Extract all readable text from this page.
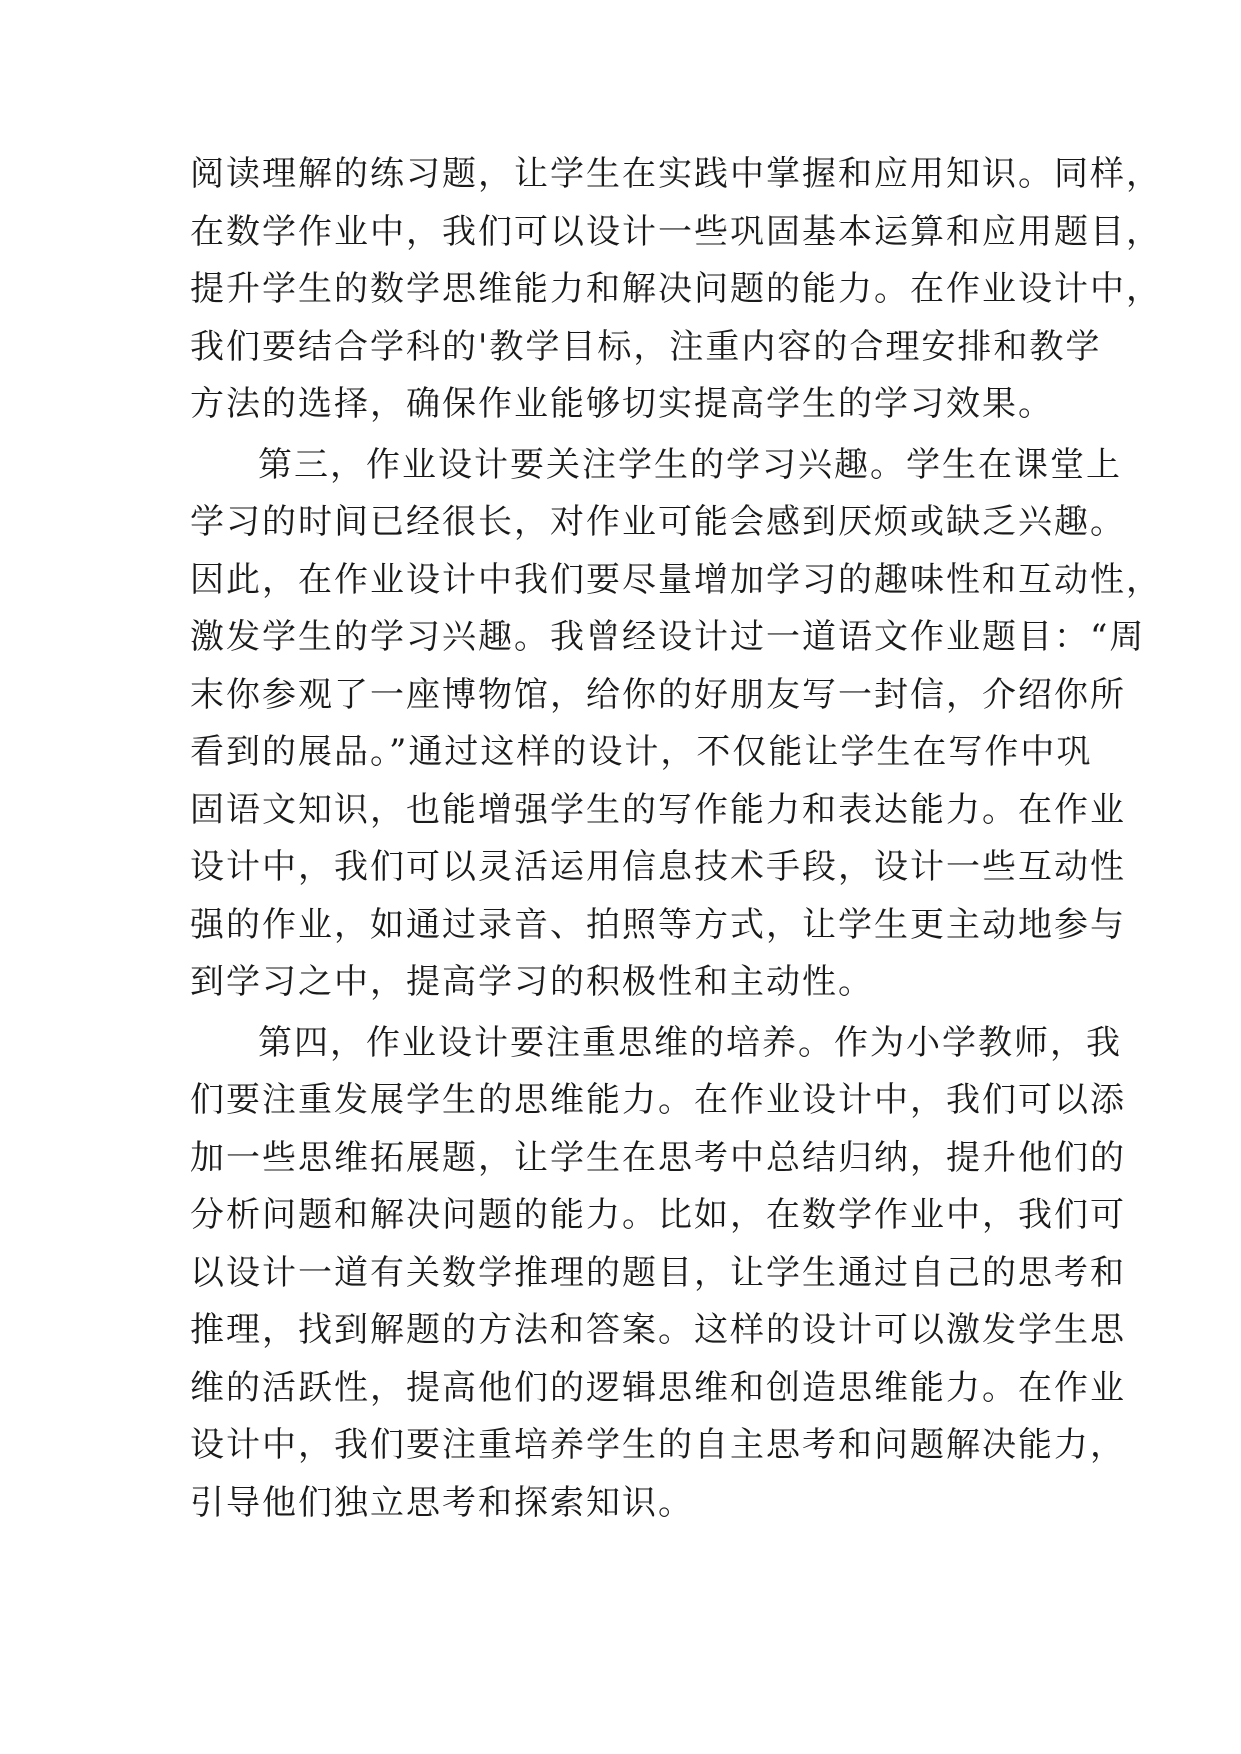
阅读理解的练习题，让学生在实践中掌握和应用知识。同样，
在数学作业中，我们可以设计一些巩固基本运算和应用题目，
提升学生的数学思维能力和解决问题的能力。在作业设计中，
我们要结合学科的'教学目标，注重内容的合理安排和教学
方法的选择，确保作业能够切实提高学生的学习效果。
第三，作业设计要关注学生的学习兴趣。学生在课堂上
学习的时间已经很长，对作业可能会感到厌烦或缺乏兴趣。
因此，在作业设计中我们要尽量增加学习的趣味性和互动性，
激发学生的学习兴趣。我曾经设计过一道语文作业题目：“周
末你参观了一座博物馆，给你的好朋友写一封信，介绍你所
看到的展品。”通过这样的设计，不仅能让学生在写作中巩
固语文知识，也能增强学生的写作能力和表达能力。在作业
设计中，我们可以灵活运用信息技术手段，设计一些互动性
强的作业，如通过录音、拍照等方式，让学生更主动地参与
到学习之中，提高学习的积极性和主动性。
第四，作业设计要注重思维的培养。作为小学教师，我
们要注重发展学生的思维能力。在作业设计中，我们可以添
加一些思维拓展题，让学生在思考中总结归纳，提升他们的
分析问题和解决问题的能力。比如，在数学作业中，我们可
以设计一道有关数学推理的题目，让学生通过自己的思考和
推理，找到解题的方法和答案。这样的设计可以激发学生思
维的活跃性，提高他们的逻辑思维和创造思维能力。在作业
设计中，我们要注重培养学生的自主思考和问题解决能力，
引导他们独立思考和探索知识。
